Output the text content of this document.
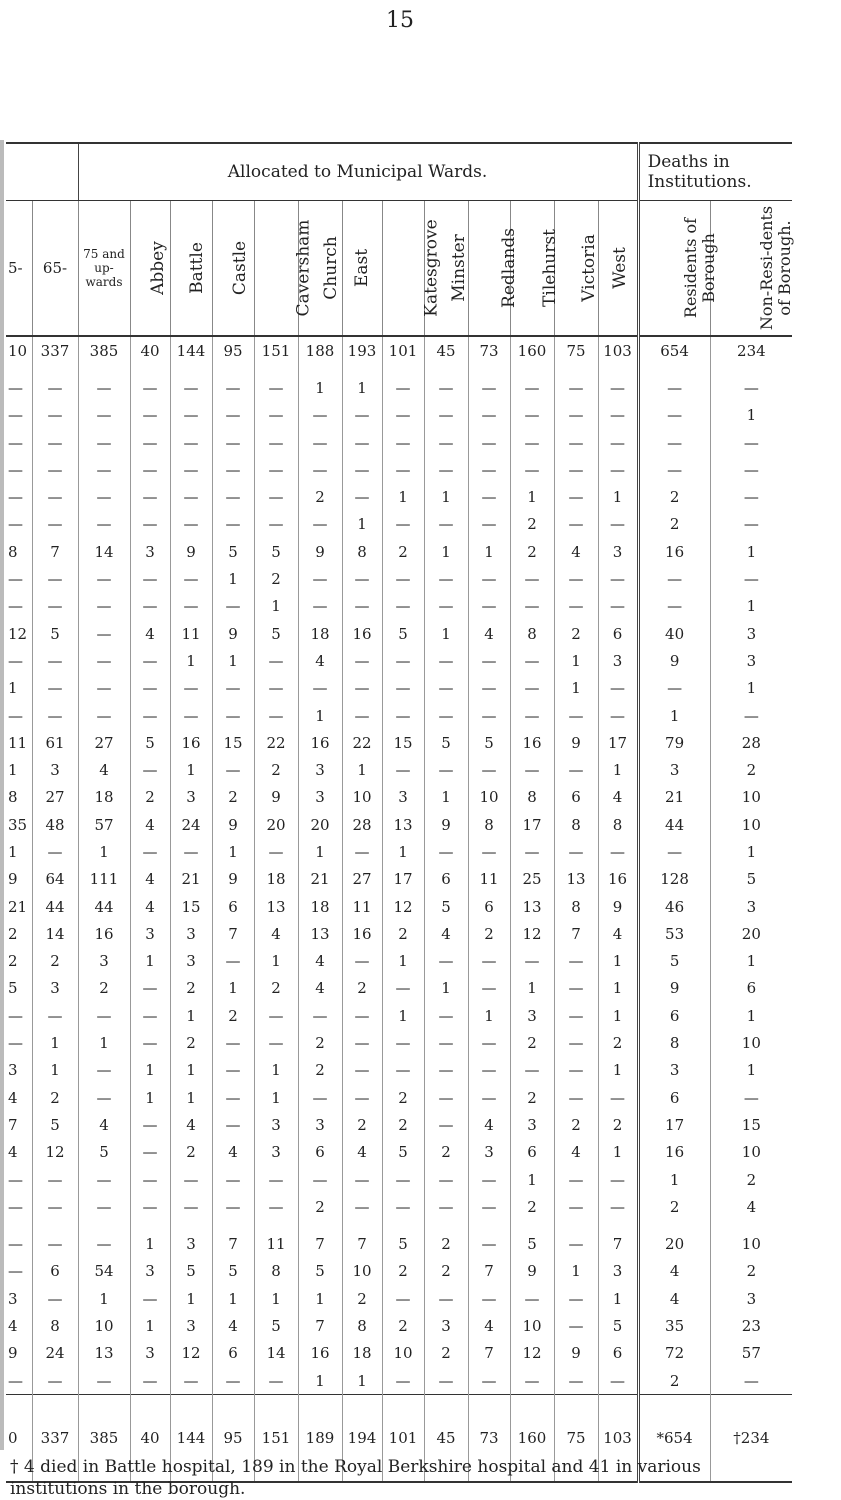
15
		Allocated to Municipal Wards.													Deaths in Institutions.	
5-	65-	75 and up-wards	Abbey	Battle	Castle	Caversham	Church	East	Katesgrove	Minster	Redlands	Tilehurst	Victoria	West	Residents of Borough	Non-Resi-dents of Borough.
10	337	385	40	144	95	151	188	193	101	45	73	160	75	103	654	234

—	—	—	—	—	—	—	1	1	—	—	—	—	—	—	—	—
—	—	—	—	—	—	—	—	—	—	—	—	—	—	—	—	1
—	—	—	—	—	—	—	—	—	—	—	—	—	—	—	—	—
—	—	—	—	—	—	—	—	—	—	—	—	—	—	—	—	—
—	—	—	—	—	—	—	2	—	1	1	—	1	—	1	2	—
—	—	—	—	—	—	—	—	1	—	—	—	2	—	—	2	—
8	7	14	3	9	5	5	9	8	2	1	1	2	4	3	16	1
—	—	—	—	—	1	2	—	—	—	—	—	—	—	—	—	—
—	—	—	—	—	—	1	—	—	—	—	—	—	—	—	—	1
12	5	—	4	11	9	5	18	16	5	1	4	8	2	6	40	3
—	—	—	—	1	1	—	4	—	—	—	—	—	1	3	9	3
1	—	—	—	—	—	—	—	—	—	—	—	—	1	—	—	1
—	—	—	—	—	—	—	1	—	—	—	—	—	—	—	1	—
11	61	27	5	16	15	22	16	22	15	5	5	16	9	17	79	28
1	3	4	—	1	—	2	3	1	—	—	—	—	—	1	3	2
8	27	18	2	3	2	9	3	10	3	1	10	8	6	4	21	10
35	48	57	4	24	9	20	20	28	13	9	8	17	8	8	44	10
1	—	1	—	—	1	—	1	—	1	—	—	—	—	—	—	1
9	64	111	4	21	9	18	21	27	17	6	11	25	13	16	128	5
21	44	44	4	15	6	13	18	11	12	5	6	13	8	9	46	3
2	14	16	3	3	7	4	13	16	2	4	2	12	7	4	53	20
2	2	3	1	3	—	1	4	—	1	—	—	—	—	1	5	1
5	3	2	—	2	1	2	4	2	—	1	—	1	—	1	9	6
—	—	—	—	1	2	—	—	—	1	—	1	3	—	1	6	1
—	1	1	—	2	—	—	2	—	—	—	—	2	—	2	8	10
3	1	—	1	1	—	1	2	—	—	—	—	—	—	1	3	1
4	2	—	1	1	—	1	—	—	2	—	—	2	—	—	6	—
7	5	4	—	4	—	3	3	2	2	—	4	3	2	2	17	15
4	12	5	—	2	4	3	6	4	5	2	3	6	4	1	16	10
—	—	—	—	—	—	—	—	—	—	—	—	1	—	—	1	2
—	—	—	—	—	—	—	2	—	—	—	—	2	—	—	2	4

—	—	—	1	3	7	11	7	7	5	2	—	5	—	7	20	10
—	6	54	3	5	5	8	5	10	2	2	7	9	1	3	4	2
3	—	1	—	1	1	1	1	2	—	—	—	—	—	1	4	3
4	8	10	1	3	4	5	7	8	2	3	4	10	—	5	35	23
9	24	13	3	12	6	14	16	18	10	2	7	12	9	6	72	57
—	—	—	—	—	—	—	1	1	—	—	—	—	—	—	2	—
0	337	385	40	144	95	151	189	194	101	45	73	160	75	103	*654	†234
† 4 died in Battle hospital, 189 in the Royal Berkshire hospital and 41 in various institutions in the borough.
